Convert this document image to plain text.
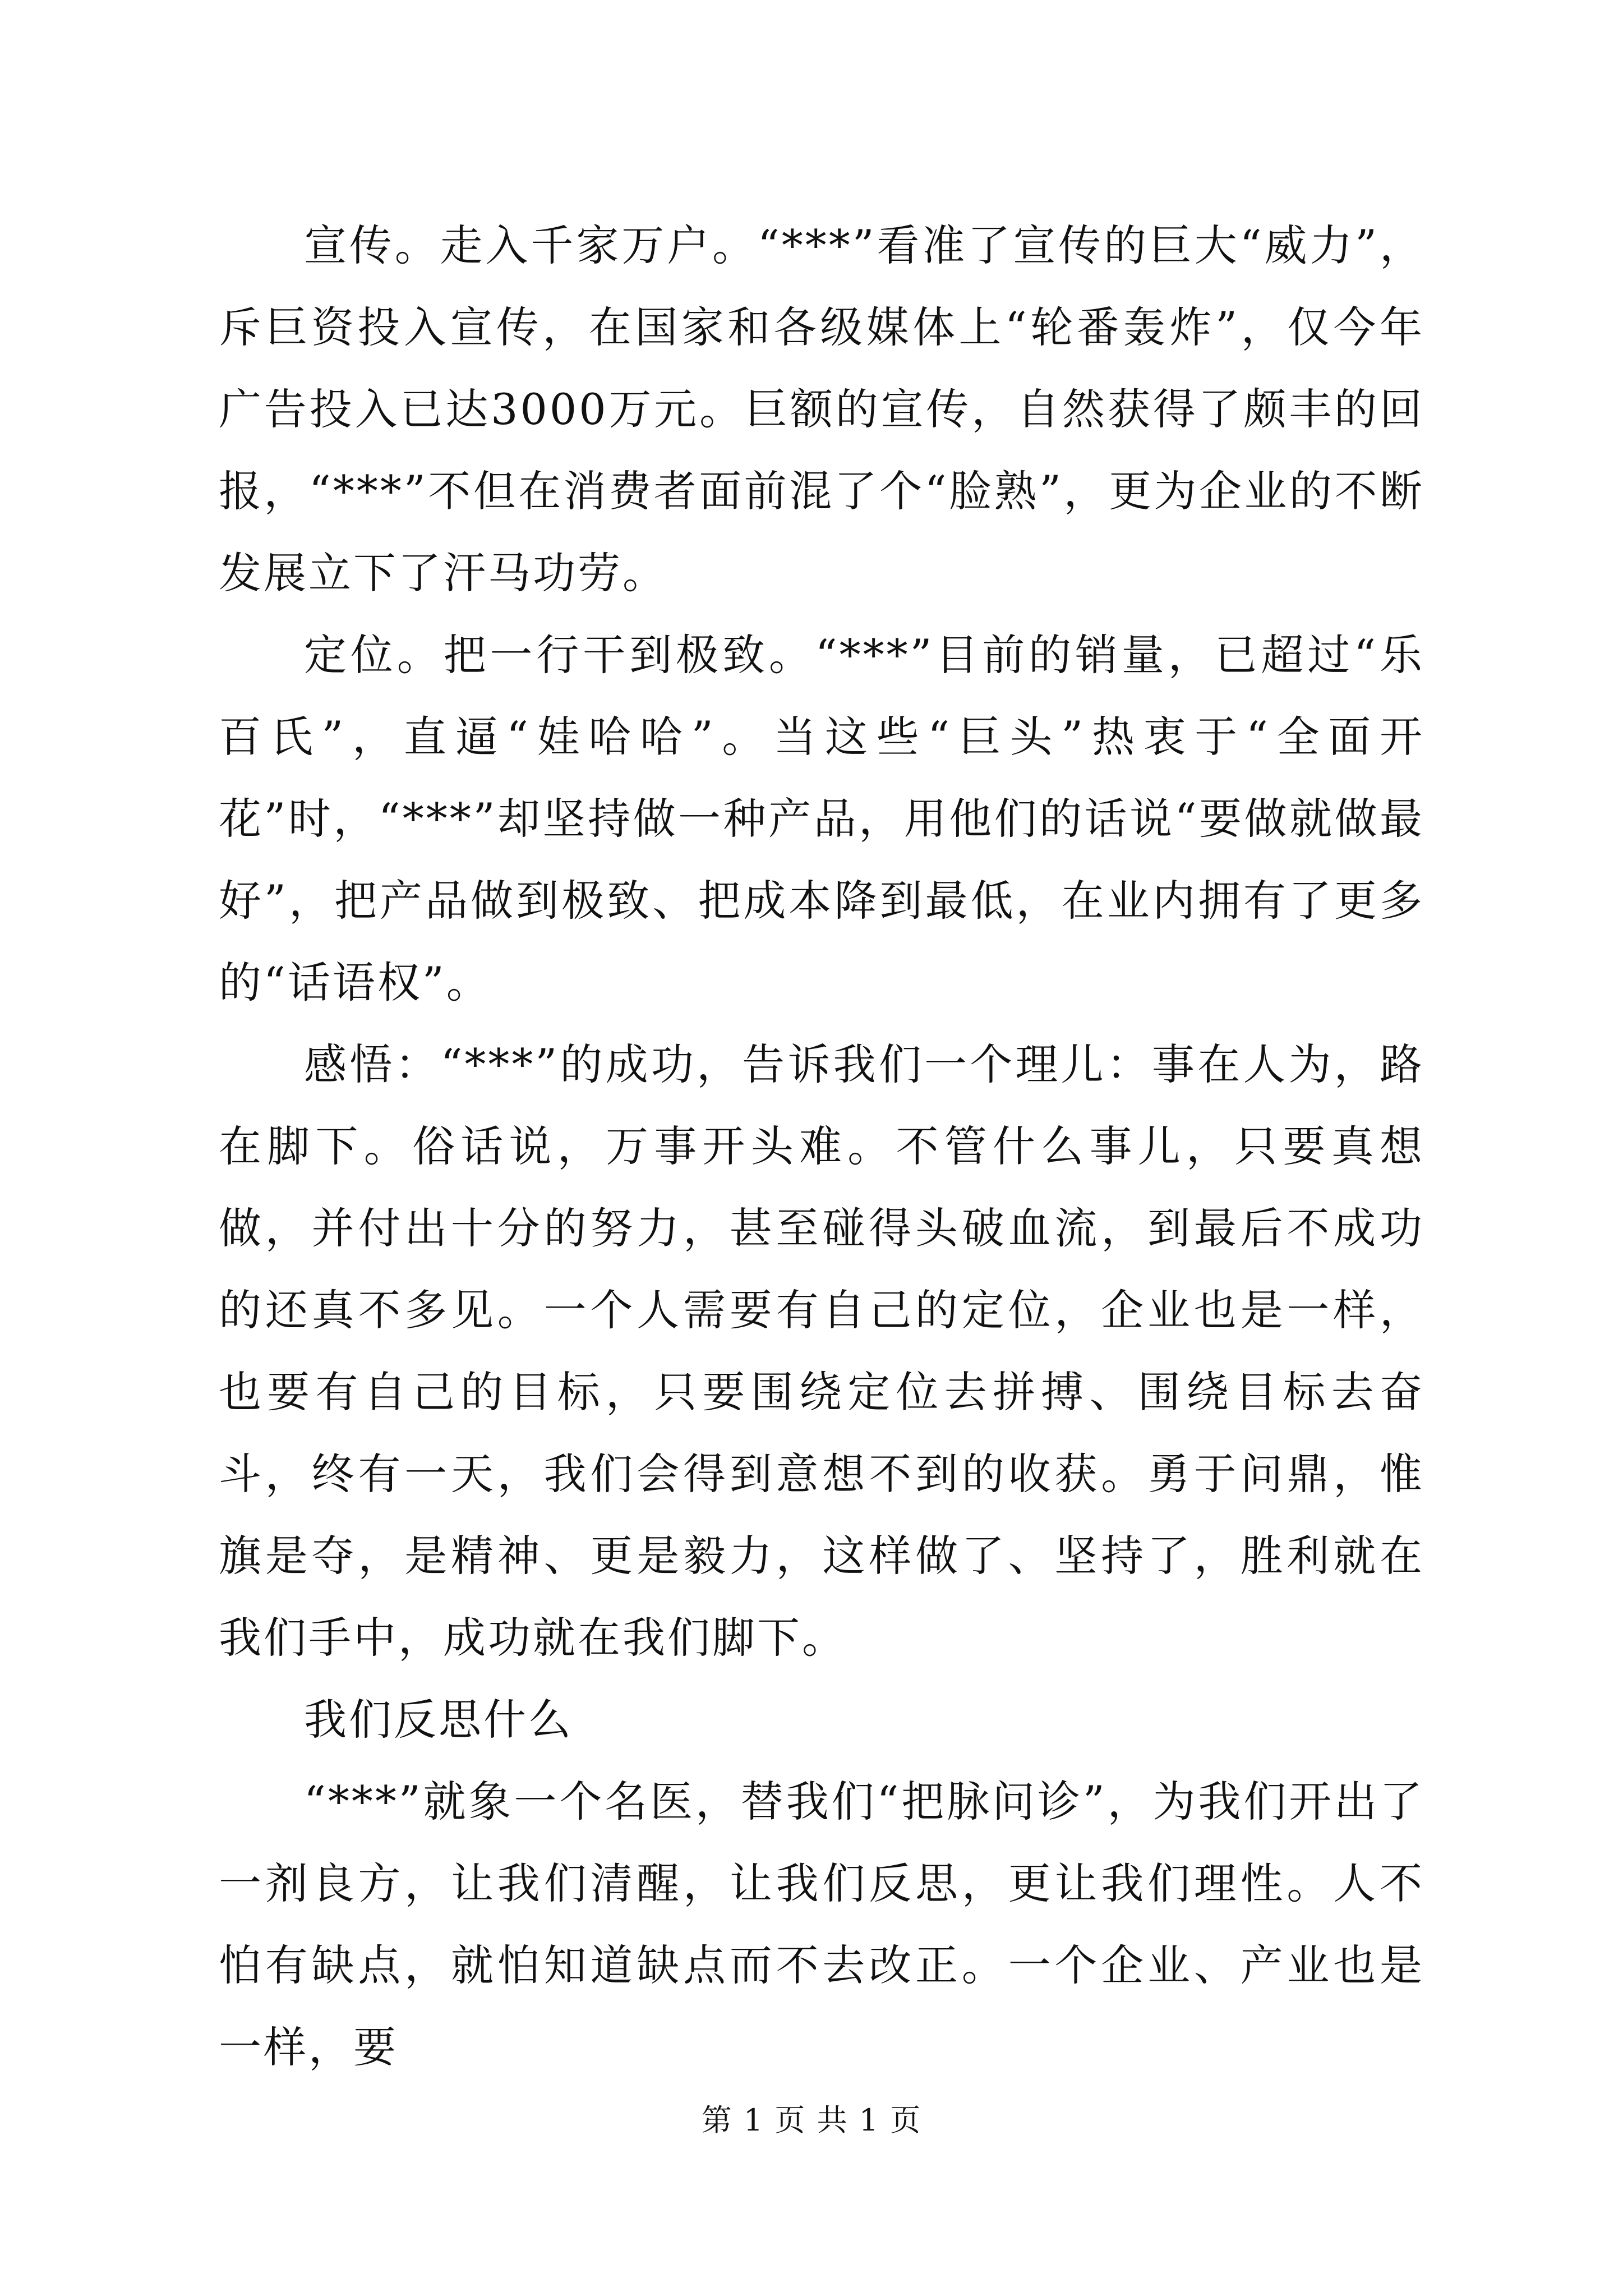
宣传。走入千家万户。“***”看准了宣传的巨大“威力”，斥巨资投入宣传，在国家和各级媒体上“轮番轰炸”，仅今年广告投入已达3000万元。巨额的宣传，自然获得了颇丰的回报，“***”不但在消费者面前混了个“脸熟”，更为企业的不断发展立下了汗马功劳。

定位。把一行干到极致。“***”目前的销量，已超过“乐百氏”，直逼“娃哈哈”。当这些“巨头”热衷于“全面开花”时，“***”却坚持做一种产品，用他们的话说“要做就做最好”，把产品做到极致、把成本降到最低，在业内拥有了更多的“话语权”。

感悟：“***”的成功，告诉我们一个理儿：事在人为，路在脚下。俗话说，万事开头难。不管什么事儿，只要真想做，并付出十分的努力，甚至碰得头破血流，到最后不成功的还真不多见。一个人需要有自己的定位，企业也是一样，也要有自己的目标，只要围绕定位去拼搏、围绕目标去奋斗，终有一天，我们会得到意想不到的收获。勇于问鼎，惟旗是夺，是精神、更是毅力，这样做了、坚持了，胜利就在我们手中，成功就在我们脚下。

我们反思什么

“***”就象一个名医，替我们“把脉问诊”，为我们开出了一剂良方，让我们清醒，让我们反思，更让我们理性。人不怕有缺点，就怕知道缺点而不去改正。一个企业、产业也是一样，要

第 1 页 共 1 页
